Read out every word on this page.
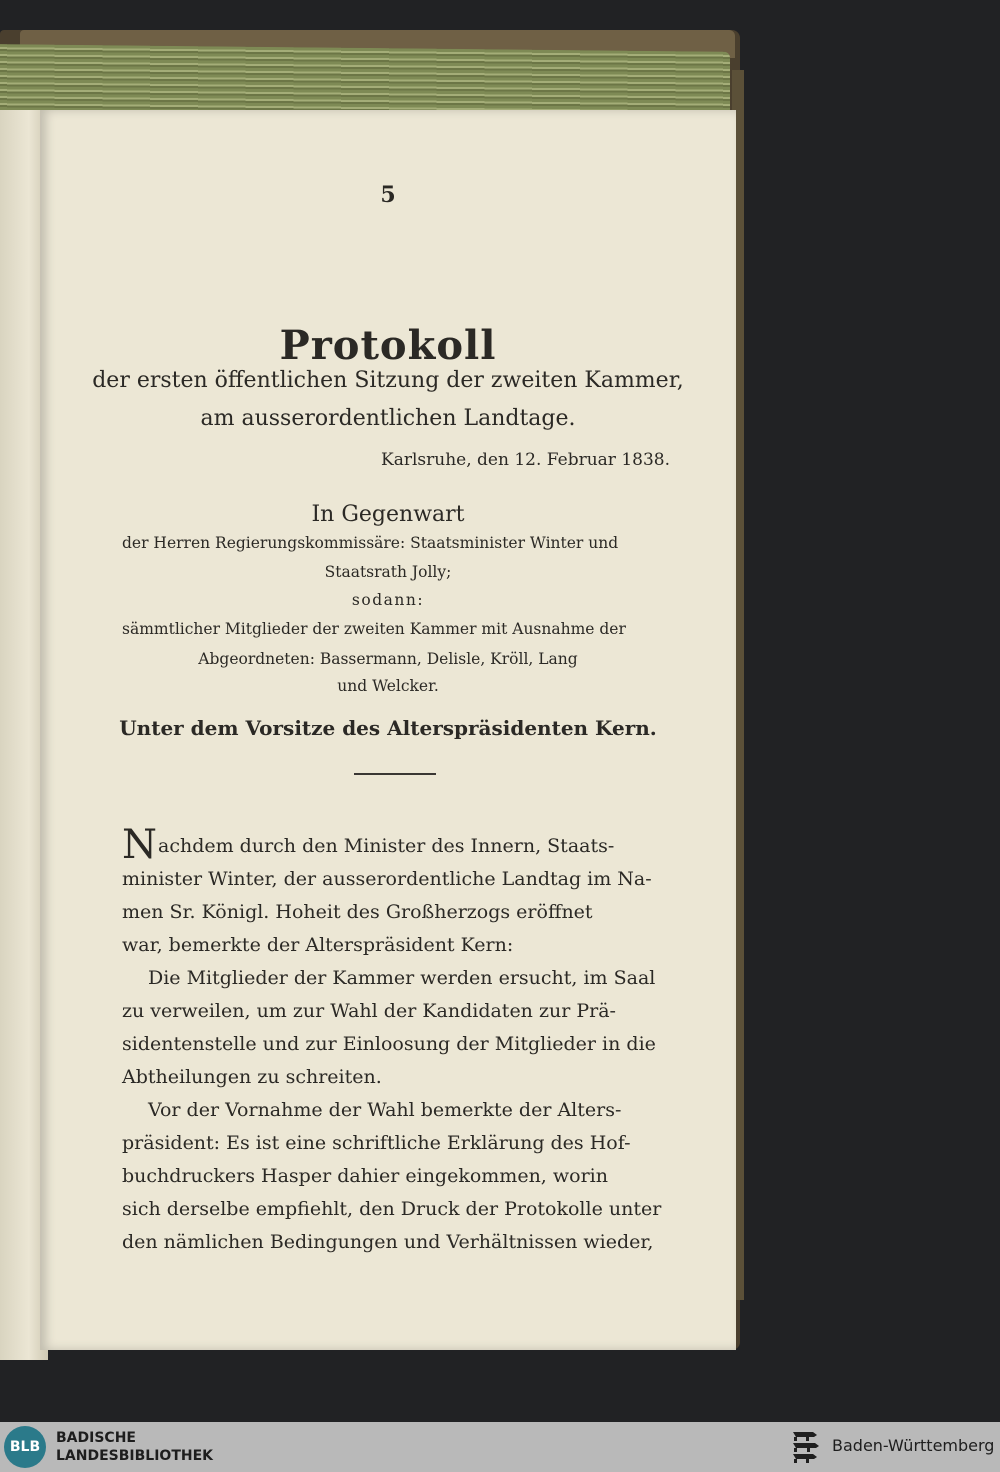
5
Protokoll
der ersten öffentlichen Sitzung der zweiten Kammer,
am ausserordentlichen Landtage.
Karlsruhe, den 12. Februar 1838.
In Gegenwart
der Herren Regierungskommissäre: Staatsminister Winter und
Staatsrath Jolly;
sodann:
sämmtlicher Mitglieder der zweiten Kammer mit Ausnahme der
Abgeordneten: Bassermann, Delisle, Kröll, Lang
und Welcker.
Unter dem Vorsitze des Alterspräsidenten Kern.
Nachdem durch den Minister des Innern, Staats-
minister Winter, der ausserordentliche Landtag im Na-
men Sr. Königl. Hoheit des Großherzogs eröffnet
war, bemerkte der Alterspräsident Kern:
Die Mitglieder der Kammer werden ersucht, im Saal
zu verweilen, um zur Wahl der Kandidaten zur Prä-
sidentenstelle und zur Einloosung der Mitglieder in die
Abtheilungen zu schreiten.
Vor der Vornahme der Wahl bemerkte der Alters-
präsident: Es ist eine schriftliche Erklärung des Hof-
buchdruckers Hasper dahier eingekommen, worin
sich derselbe empfiehlt, den Druck der Protokolle unter
den nämlichen Bedingungen und Verhältnissen wieder,
BLB
BADISCHE
LANDESBIBLIOTHEK
Baden-Württemberg
